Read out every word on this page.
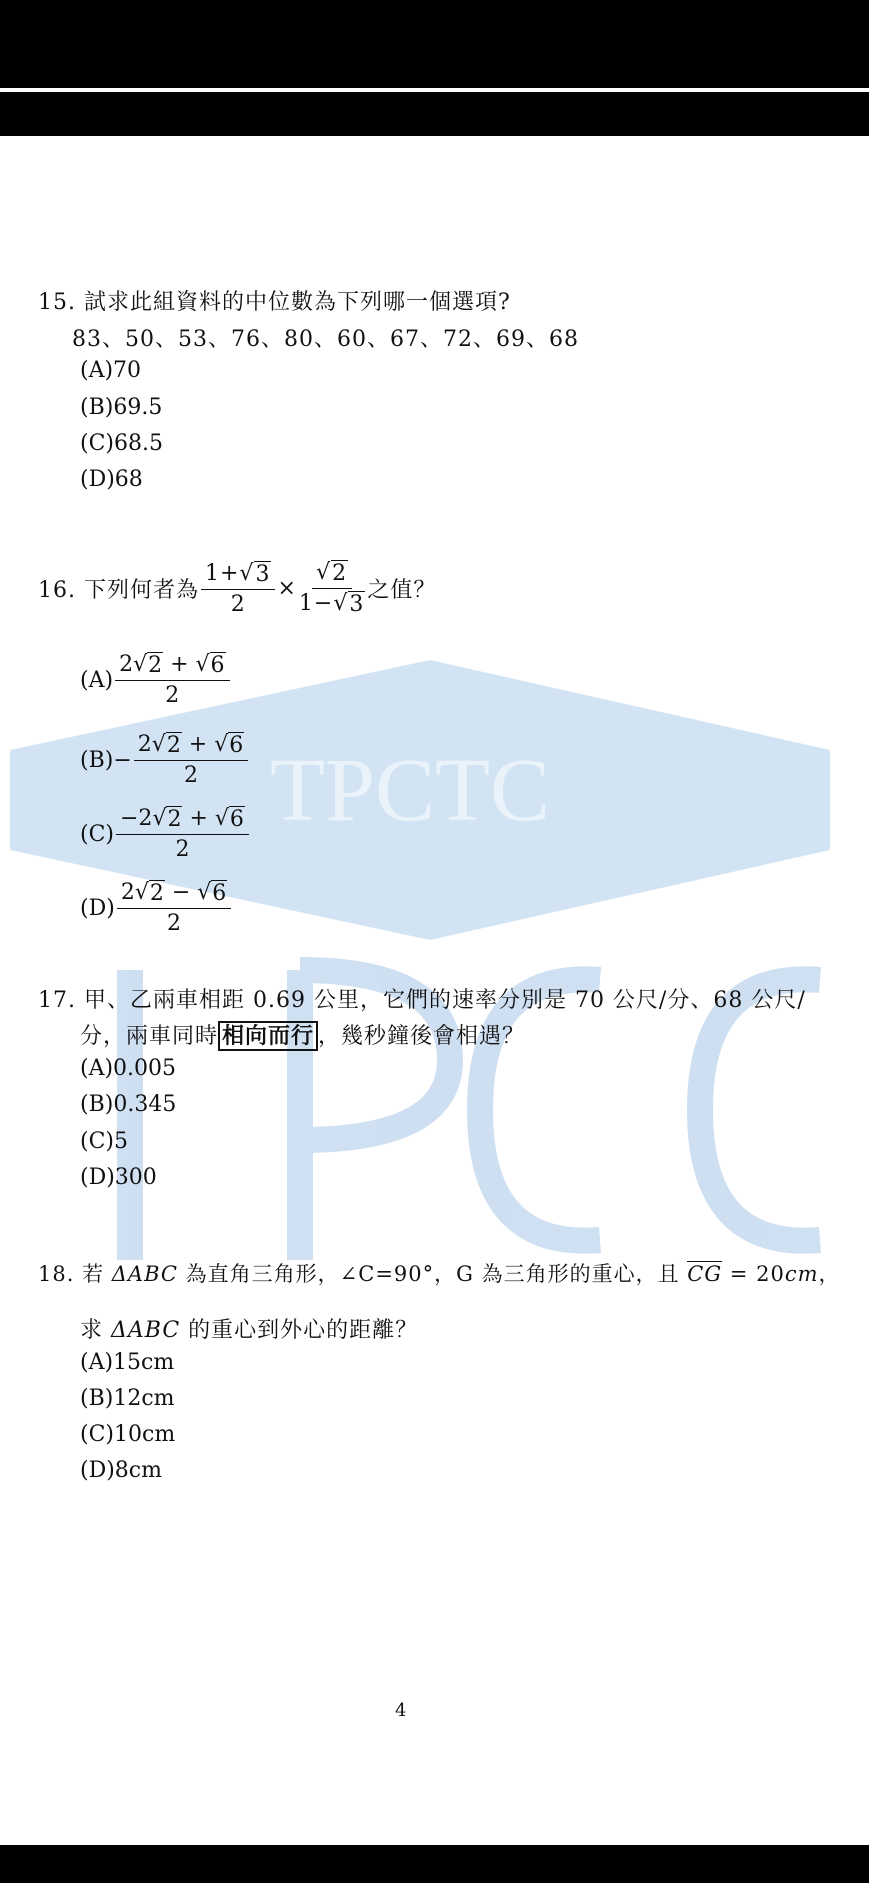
TPCTC
15. 試求此組資料的中位數為下列哪一個選項?
83、50、53、76、80、60、67、72、69、68
(A)70
(B)69.5
(C)68.5
(D)68
16. 下列何者為 $\frac{1+√ 3}{2} \times \frac{√ 2}{1-√ 3}$ 之值？
$(A) \frac{2√ 2 + √ 6}{2}$
$(B) - \frac{2√ 2 + √ 6}{2}$
$(C) \frac{-2√ 2 + √ 6}{2}$
$(D) \frac{2√ 2 - √ 6}{2}$
17. 甲、乙兩車相距 0.69 公里，它們的速率分別是 70 公尺/分、68 公尺/
分，兩車同時 相向而行 ，幾秒鐘後會相遇？
(A)0.005
(B)0.345
(C)5
(D)300
18. 若 ΔABC 為直角三角形，∠C=90°，G 為三角形的重心，且 CG = 20cm，
求 ΔABC 的重心到外心的距離？
(A)15cm
(B)12cm
(C)10cm
(D)8cm
4
